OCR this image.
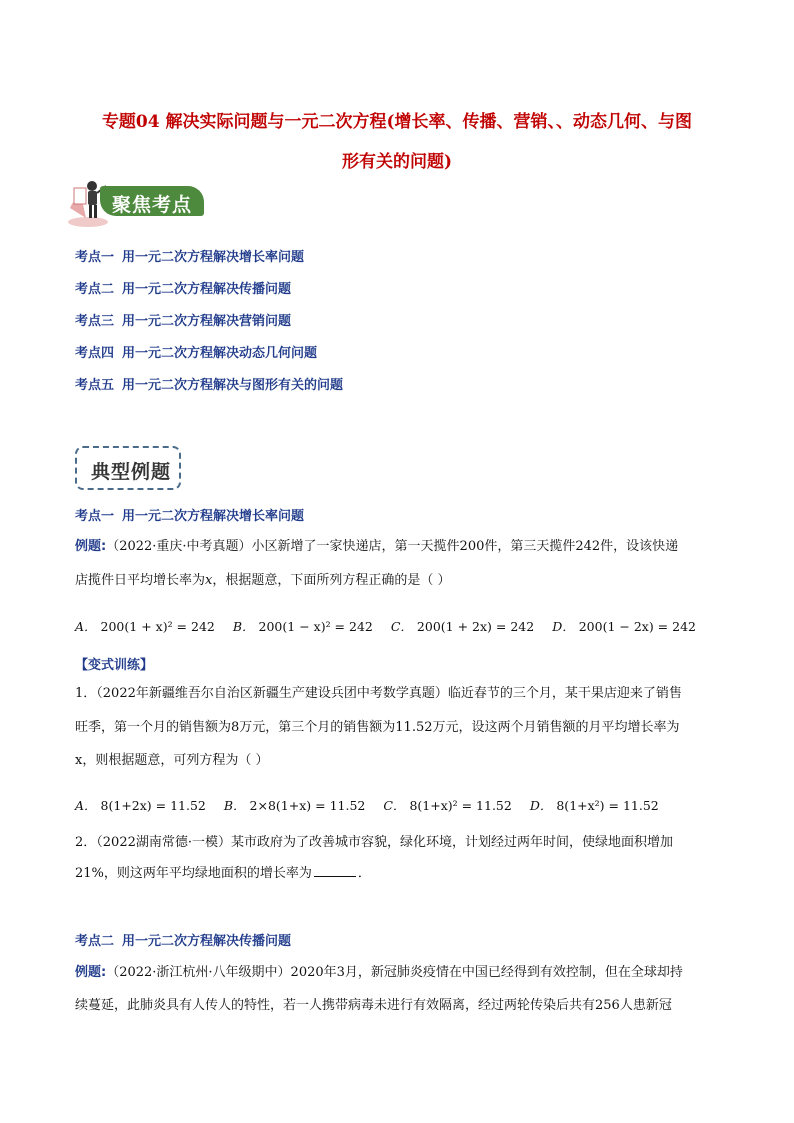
专题04 解决实际问题与一元二次方程(增长率、传播、营销、、动态几何、与图
形有关的问题)
聚焦考点
考点一 用一元二次方程解决增长率问题
考点二 用一元二次方程解决传播问题
考点三 用一元二次方程解决营销问题
考点四 用一元二次方程解决动态几何问题
考点五 用一元二次方程解决与图形有关的问题
典型例题
考点一 用一元二次方程解决增长率问题
例题:（2022·重庆·中考真题）小区新增了一家快递店，第一天揽件200件，第三天揽件242件，设该快递
店揽件日平均增长率为x，根据题意，下面所列方程正确的是（ ）
A． 200(1 + x)² = 242 B． 200(1 − x)² = 242 C． 200(1 + 2x) = 242 D． 200(1 − 2x) = 242
【变式训练】
1．（2022年新疆维吾尔自治区新疆生产建设兵团中考数学真题）临近春节的三个月，某干果店迎来了销售
旺季，第一个月的销售额为8万元，第三个月的销售额为11.52万元，设这两个月销售额的月平均增长率为
x，则根据题意，可列方程为（ ）
A． 8(1+2x) = 11.52 B． 2×8(1+x) = 11.52 C． 8(1+x)² = 11.52 D． 8(1+x²) = 11.52
2．（2022湖南常德·一模）某市政府为了改善城市容貌，绿化环境，计划经过两年时间，使绿地面积增加
21%，则这两年平均绿地面积的增长率为	．
考点二 用一元二次方程解决传播问题
例题:（2022·浙江杭州·八年级期中）2020年3月，新冠肺炎疫情在中国已经得到有效控制，但在全球却持
续蔓延，此肺炎具有人传人的特性，若一人携带病毒未进行有效隔离，经过两轮传染后共有256人患新冠
